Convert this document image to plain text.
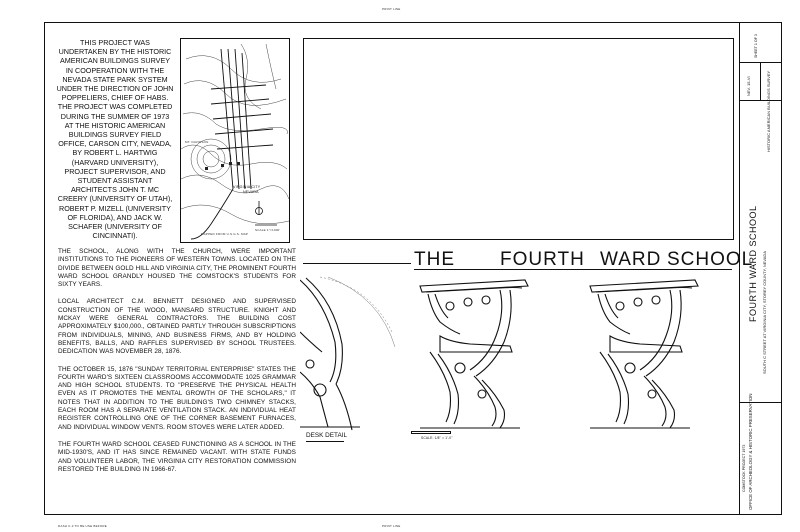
PRINT LINE
PRINT LINE
DASH C-3 TO BE USE BEFORE

THIS PROJECT WAS UNDERTAKEN BY THE HISTORIC AMERICAN BUILDINGS SURVEY IN COOPERATION WITH THE NEVADA STATE PARK SYSTEM UNDER THE DIRECTION OF JOHN POPPELIERS, CHIEF OF HABS. THE PROJECT WAS COMPLETED DURING THE SUMMER OF 1973 AT THE HISTORIC AMERICAN BUILDINGS SURVEY FIELD OFFICE, CARSON CITY, NEVADA, BY ROBERT L. HARTWIG (HARVARD UNIVERSITY), PROJECT SUPERVISOR, AND STUDENT ASSISTANT ARCHITECTS JOHN T. MC CREERY (UNIVERSITY OF UTAH), ROBERT P. MIZELL (UNIVERSITY OF FLORIDA), AND JACK W. SCHAFER (UNIVERSITY OF CINCINNATI).

VIRGINIA CITY
NEVADA
MT. DAVIDSON
SCALE 1"=1000'
MAPPED FROM U.S.G.S. MAP

THE SCHOOL, ALONG WITH THE CHURCH, WERE IMPORTANT INSTITUTIONS TO THE PIONEERS OF WESTERN TOWNS. LOCATED ON THE DIVIDE BETWEEN GOLD HILL AND VIRGINIA CITY, THE PROMINENT FOURTH WARD SCHOOL GRANDLY HOUSED THE COMSTOCK'S STUDENTS FOR SIXTY YEARS.

LOCAL ARCHITECT C.M. BENNETT DESIGNED AND SUPERVISED CONSTRUCTION OF THE WOOD, MANSARD STRUCTURE. KNIGHT AND MCKAY WERE GENERAL CONTRACTORS. THE BUILDING COST APPROXIMATELY $100,000., OBTAINED PARTLY THROUGH SUBSCRIPTIONS FROM INDIVIDUALS, MINING, AND BUSINESS FIRMS, AND BY HOLDING BENEFITS, BALLS, AND RAFFLES SUPERVISED BY SCHOOL TRUSTEES. DEDICATION WAS NOVEMBER 28, 1876.

THE OCTOBER 15, 1876 "SUNDAY TERRITORIAL ENTERPRISE" STATES THE FOURTH WARD'S SIXTEEN CLASSROOMS ACCOMMODATE 1025 GRAMMAR AND HIGH SCHOOL STUDENTS. TO "PRESERVE THE PHYSICAL HEALTH EVEN AS IT PROMOTES THE MENTAL GROWTH OF THE SCHOLARS," IT NOTES THAT IN ADDITION TO THE BUILDING'S TWO CHIMNEY STACKS, EACH ROOM HAS A SEPARATE VENTILATION STACK. AN INDIVIDUAL HEAT REGISTER CONTROLLING ONE OF THE CORNER BASEMENT FURNACES, AND INDIVIDUAL WINDOW VENTS. ROOM STOVES WERE LATER ADDED.

THE FOURTH WARD SCHOOL CEASED FUNCTIONING AS A SCHOOL IN THE MID-1930'S, AND IT HAS SINCE REMAINED VACANT. WITH STATE FUNDS AND VOLUNTEER LABOR, THE VIRGINIA CITY RESTORATION COMMISSION RESTORED THE BUILDING IN 1966-67.

THE FOURTH WARD SCHOOL
DESK DETAIL	SCALE: 1/8" = 1'-0"
SHEET 1 OF 3
NEV. 15-VI	HISTORIC AMERICAN BUILDINGS SURVEY
FOURTH WARD SCHOOL SOUTH C STREET AT VIRGINIA CITY, STOREY COUNTY, NEVADA
OFFICE OF ARCHEOLOGY & HISTORIC PRESERVATION
COMSTOCK PROJECT 1973
